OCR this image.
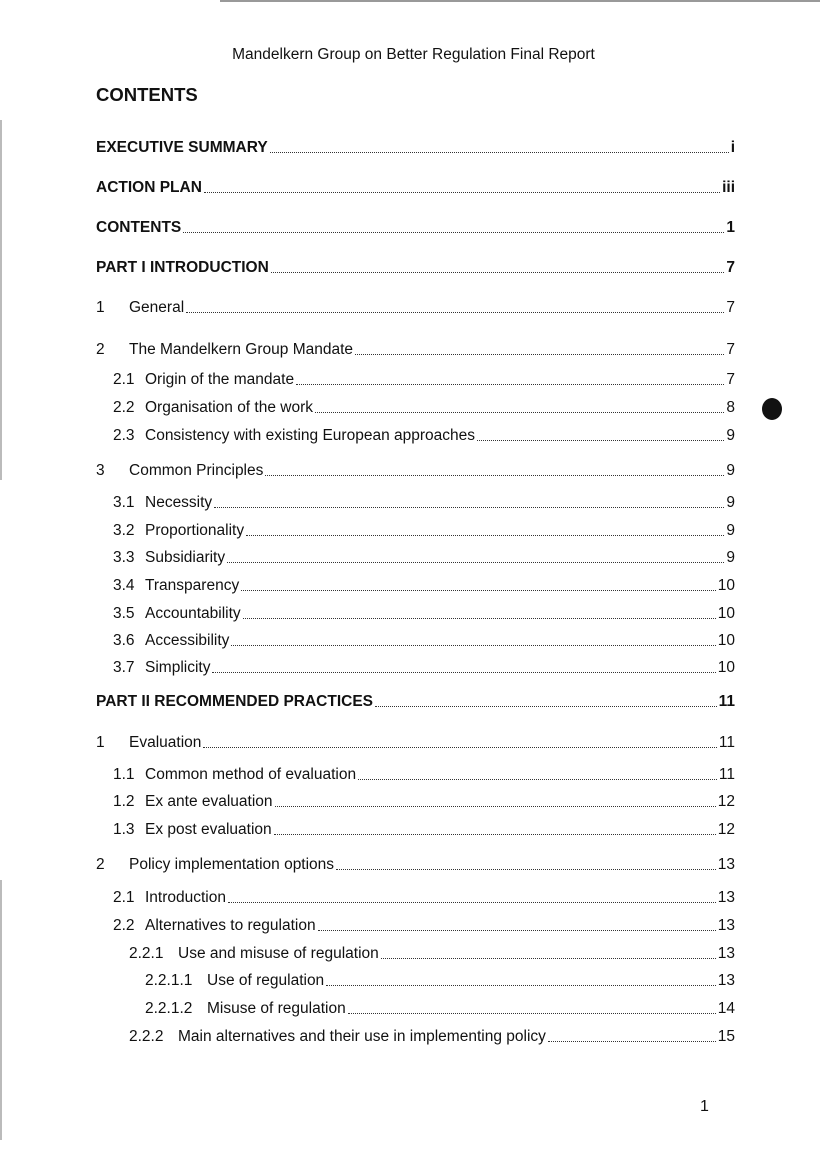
Mandelkern Group on Better Regulation Final Report
CONTENTS
EXECUTIVE SUMMARY	i
ACTION PLAN	iii
CONTENTS	1
PART I INTRODUCTION	7
1	General	7
2	The Mandelkern Group Mandate	7
2.1 Origin of the mandate	7
2.2 Organisation of the work	8
2.3 Consistency with existing European approaches	9
3	Common Principles	9
3.1 Necessity	9
3.2 Proportionality	9
3.3 Subsidiarity	9
3.4 Transparency	10
3.5 Accountability	10
3.6 Accessibility	10
3.7 Simplicity	10
PART II RECOMMENDED PRACTICES	11
1	Evaluation	11
1.1 Common method of evaluation	11
1.2 Ex ante evaluation	12
1.3 Ex post evaluation	12
2	Policy implementation options	13
2.1 Introduction	13
2.2 Alternatives to regulation	13
2.2.1 Use and misuse of regulation	13
2.2.1.1 Use of regulation	13
2.2.1.2 Misuse of regulation	14
2.2.2 Main alternatives and their use in implementing policy	15
1
